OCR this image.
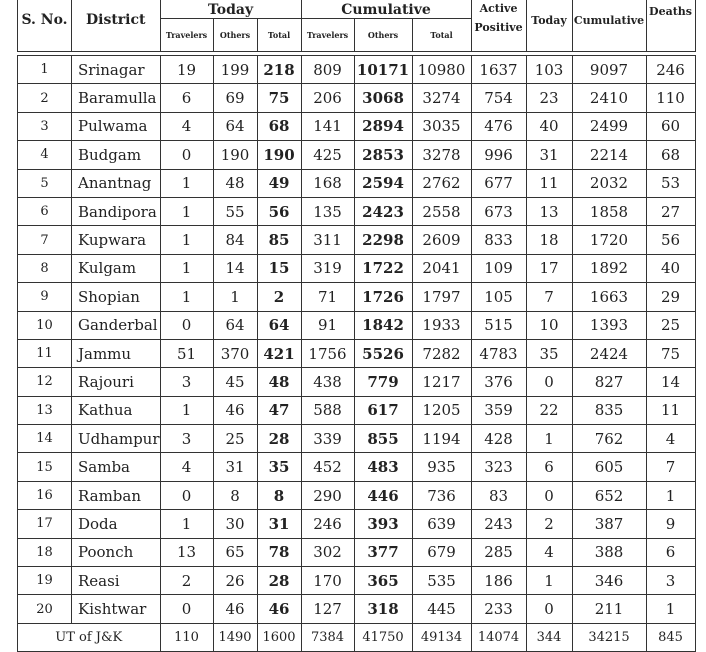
S. No.	District	Today			Cumulative			Active Positive	Today	Cumulative	Deaths
		Travelers	Others	Total	Travelers	Others	Total				

1	Srinagar	19	199	218	809	10171	10980	1637	103	9097	246
2	Baramulla	6	69	75	206	3068	3274	754	23	2410	110
3	Pulwama	4	64	68	141	2894	3035	476	40	2499	60
4	Budgam	0	190	190	425	2853	3278	996	31	2214	68
5	Anantnag	1	48	49	168	2594	2762	677	11	2032	53
6	Bandipora	1	55	56	135	2423	2558	673	13	1858	27
7	Kupwara	1	84	85	311	2298	2609	833	18	1720	56
8	Kulgam	1	14	15	319	1722	2041	109	17	1892	40
9	Shopian	1	1	2	71	1726	1797	105	7	1663	29
10	Ganderbal	0	64	64	91	1842	1933	515	10	1393	25
11	Jammu	51	370	421	1756	5526	7282	4783	35	2424	75
12	Rajouri	3	45	48	438	779	1217	376	0	827	14
13	Kathua	1	46	47	588	617	1205	359	22	835	11
14	Udhampur	3	25	28	339	855	1194	428	1	762	4
15	Samba	4	31	35	452	483	935	323	6	605	7
16	Ramban	0	8	8	290	446	736	83	0	652	1
17	Doda	1	30	31	246	393	639	243	2	387	9
18	Poonch	13	65	78	302	377	679	285	4	388	6
19	Reasi	2	26	28	170	365	535	186	1	346	3
20	Kishtwar	0	46	46	127	318	445	233	0	211	1
UT of J&K		110	1490	1600	7384	41750	49134	14074	344	34215	845
